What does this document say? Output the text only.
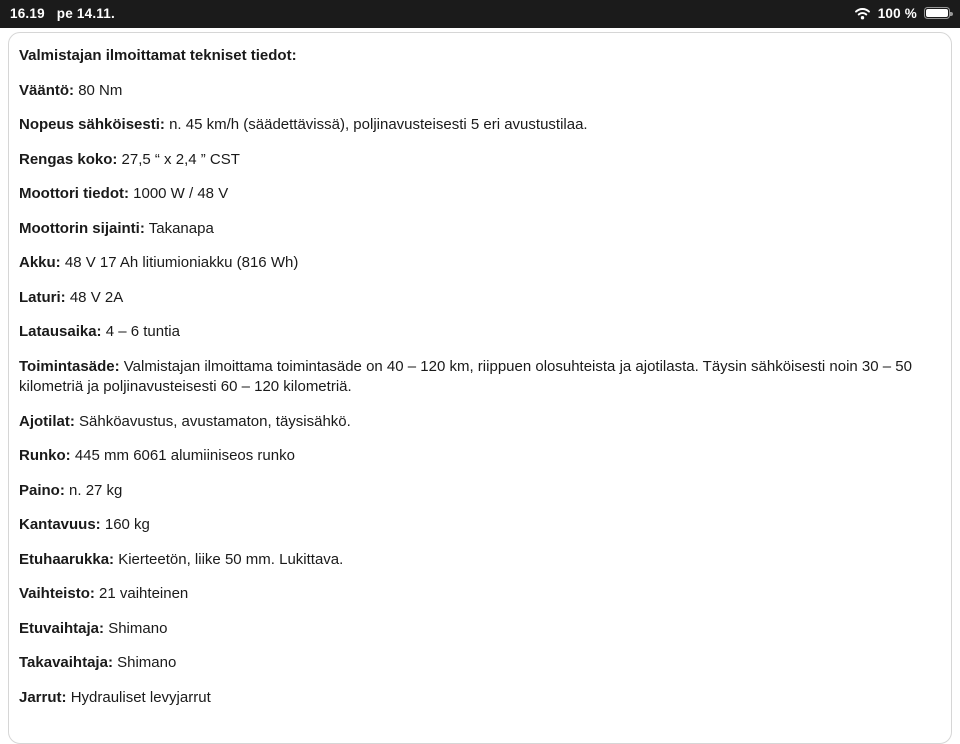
16.19 pe 14.11.	100 %

Valmistajan ilmoittamat tekniset tiedot:

Vääntö: 80 Nm

Nopeus sähköisesti: n. 45 km/h (säädettävissä), poljinavusteisesti 5 eri avustustilaa.

Rengas koko: 27,5 “ x 2,4 ” CST

Moottori tiedot: 1000 W / 48 V

Moottorin sijainti: Takanapa

Akku: 48 V 17 Ah litiumioniakku (816 Wh)

Laturi: 48 V 2A

Latausaika: 4 – 6 tuntia

Toimintasäde: Valmistajan ilmoittama toimintasäde on 40 – 120 km, riippuen olosuhteista ja ajotilasta. Täysin sähköisesti noin 30 – 50 kilometriä ja poljinavusteisesti 60 – 120 kilometriä.

Ajotilat: Sähköavustus, avustamaton, täysisähkö.

Runko: 445 mm 6061 alumiiniseos runko

Paino: n. 27 kg

Kantavuus: 160 kg

Etuhaarukka: Kierteetön, liike 50 mm. Lukittava.

Vaihteisto: 21 vaihteinen

Etuvaihtaja: Shimano

Takavaihtaja: Shimano

Jarrut: Hydrauliset levyjarrut
